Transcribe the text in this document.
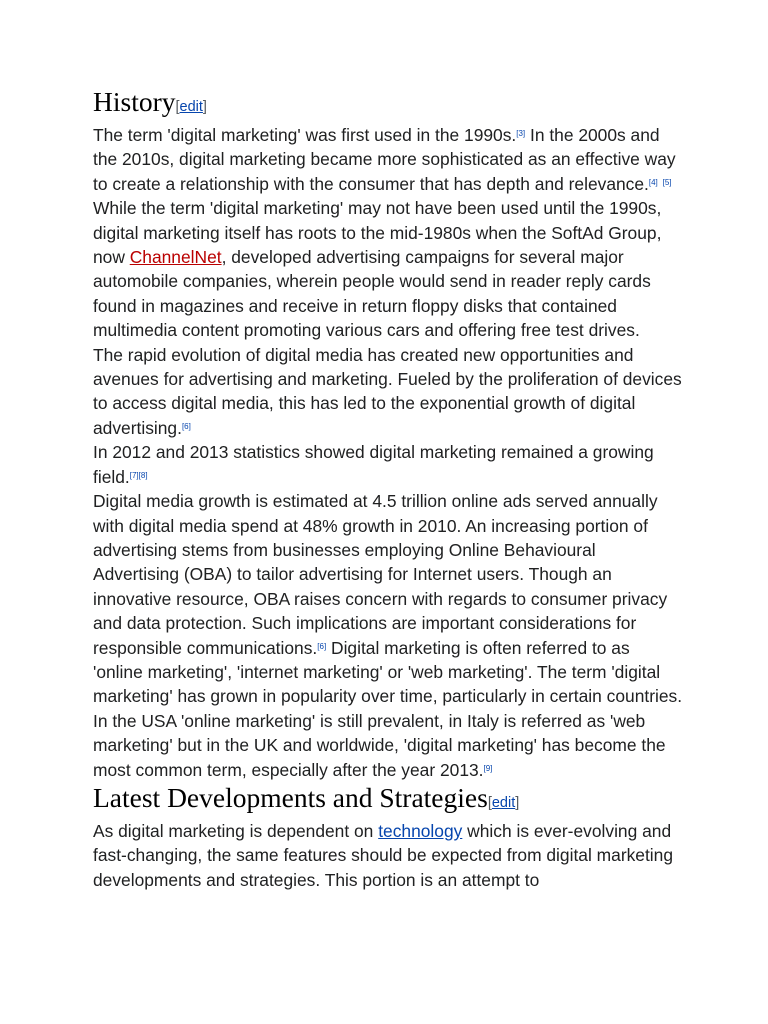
History[edit]

The term 'digital marketing' was first used in the 1990s.[3] In the 2000s and the 2010s, digital marketing became more sophisticated as an effective way to create a relationship with the consumer that has depth and relevance.[4] [5] While the term 'digital marketing' may not have been used until the 1990s, digital marketing itself has roots to the mid-1980s when the SoftAd Group, now ChannelNet, developed advertising campaigns for several major automobile companies, wherein people would send in reader reply cards found in magazines and receive in return floppy disks that contained multimedia content promoting various cars and offering free test drives.

The rapid evolution of digital media has created new opportunities and avenues for advertising and marketing. Fueled by the proliferation of devices to access digital media, this has led to the exponential growth of digital advertising.[6]

In 2012 and 2013 statistics showed digital marketing remained a growing field.[7][8]

Digital media growth is estimated at 4.5 trillion online ads served annually with digital media spend at 48% growth in 2010. An increasing portion of advertising stems from businesses employing Online Behavioural Advertising (OBA) to tailor advertising for Internet users. Though an innovative resource, OBA raises concern with regards to consumer privacy and data protection. Such implications are important considerations for responsible communications.[6] Digital marketing is often referred to as 'online marketing', 'internet marketing' or 'web marketing'. The term 'digital marketing' has grown in popularity over time, particularly in certain countries. In the USA 'online marketing' is still prevalent, in Italy is referred as 'web marketing' but in the UK and worldwide, 'digital marketing' has become the most common term, especially after the year 2013.[9]

Latest Developments and Strategies[edit]

As digital marketing is dependent on technology which is ever-evolving and fast-changing, the same features should be expected from digital marketing developments and strategies. This portion is an attempt to
